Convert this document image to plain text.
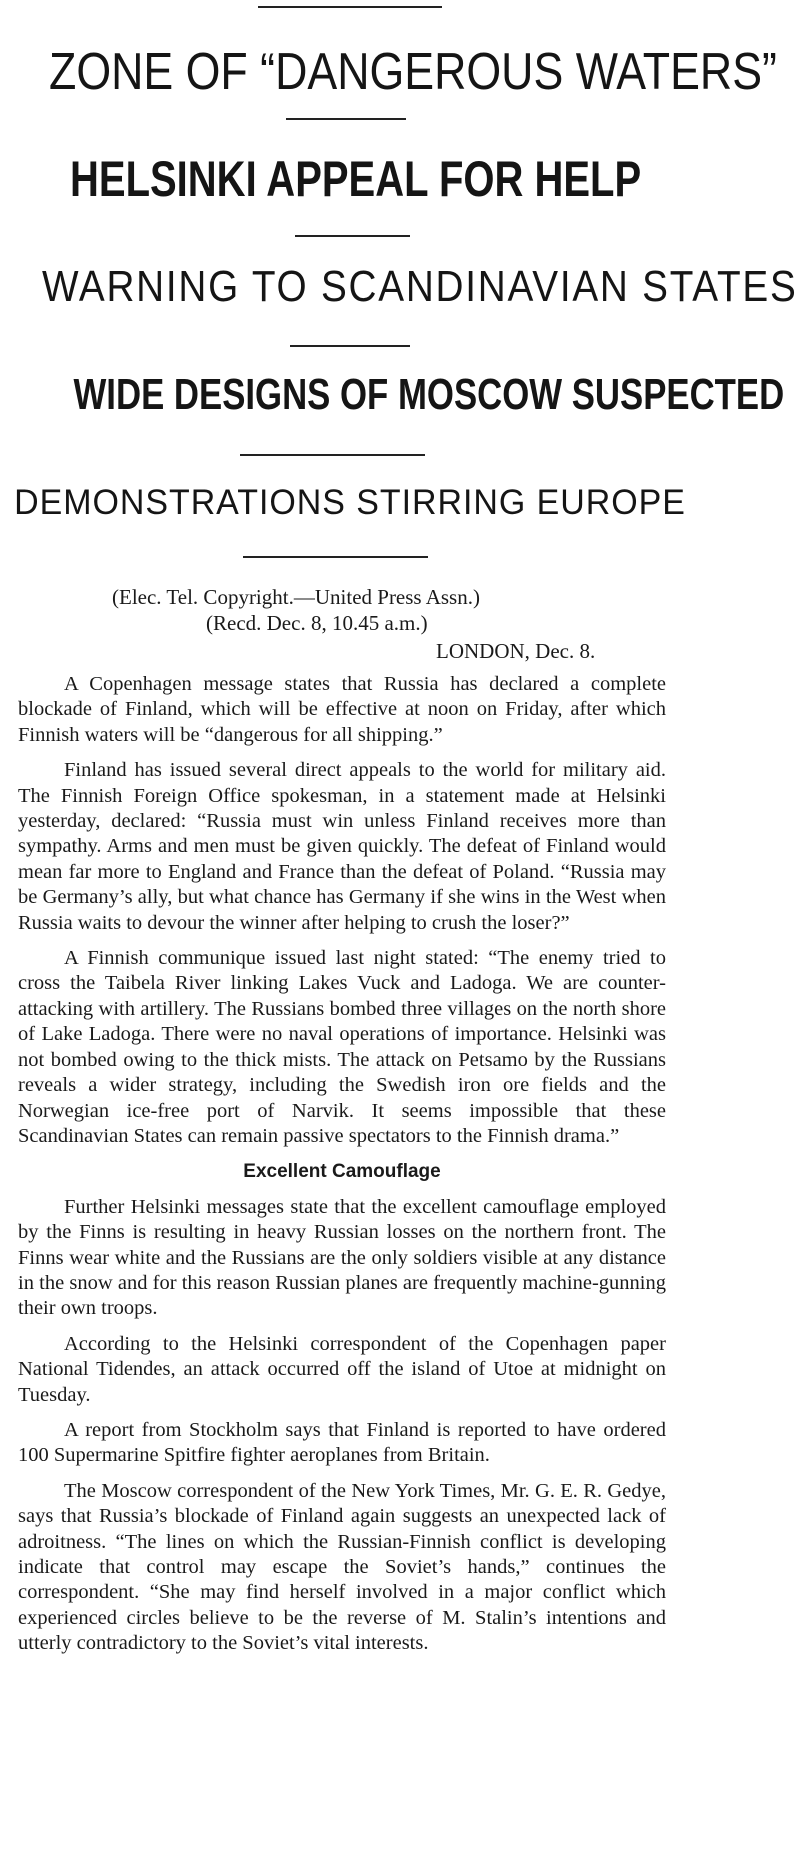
ZONE OF “DANGEROUS WATERS”
HELSINKI APPEAL FOR HELP
WARNING TO SCANDINAVIAN STATES
WIDE DESIGNS OF MOSCOW SUSPECTED
DEMONSTRATIONS STIRRING EUROPE
(Elec. Tel. Copyright.—United Press Assn.)
(Recd. Dec. 8, 10.45 a.m.)
LONDON, Dec. 8.

A Copenhagen message states that Russia has declared a complete blockade of Finland, which will be effective at noon on Friday, after which Finnish waters will be “dangerous for all shipping.”

Finland has issued several direct appeals to the world for military aid. The Finnish Foreign Office spokesman, in a statement made at Helsinki yesterday, declared: “Russia must win unless Finland receives more than sympathy. Arms and men must be given quickly. The defeat of Finland would mean far more to England and France than the defeat of Poland. “Russia may be Germany’s ally, but what chance has Germany if she wins in the West when Russia waits to devour the winner after helping to crush the loser?”

A Finnish communique issued last night stated: “The enemy tried to cross the Taibela River linking Lakes Vuck and Ladoga. We are counter-attacking with artillery. The Russians bombed three villages on the north shore of Lake Ladoga. There were no naval operations of importance. Helsinki was not bombed owing to the thick mists. The attack on Petsamo by the Russians reveals a wider strategy, including the Swedish iron ore fields and the Norwegian ice-free port of Narvik. It seems impossible that these Scandinavian States can remain passive spectators to the Finnish drama.”

Excellent Camouflage

Further Helsinki messages state that the excellent camouflage employed by the Finns is resulting in heavy Russian losses on the northern front. The Finns wear white and the Russians are the only soldiers visible at any distance in the snow and for this reason Russian planes are frequently machine-gunning their own troops.

According to the Helsinki correspondent of the Copenhagen paper National Tidendes, an attack occurred off the island of Utoe at midnight on Tuesday.

A report from Stockholm says that Finland is reported to have ordered 100 Supermarine Spitfire fighter aeroplanes from Britain.

The Moscow correspondent of the New York Times, Mr. G. E. R. Gedye, says that Russia’s blockade of Finland again suggests an unexpected lack of adroitness. “The lines on which the Russian-Finnish conflict is developing indicate that control may escape the Soviet’s hands,” continues the correspondent. “She may find herself involved in a major conflict which experienced circles believe to be the reverse of M. Stalin’s intentions and utterly contradictory to the Soviet’s vital interests.
